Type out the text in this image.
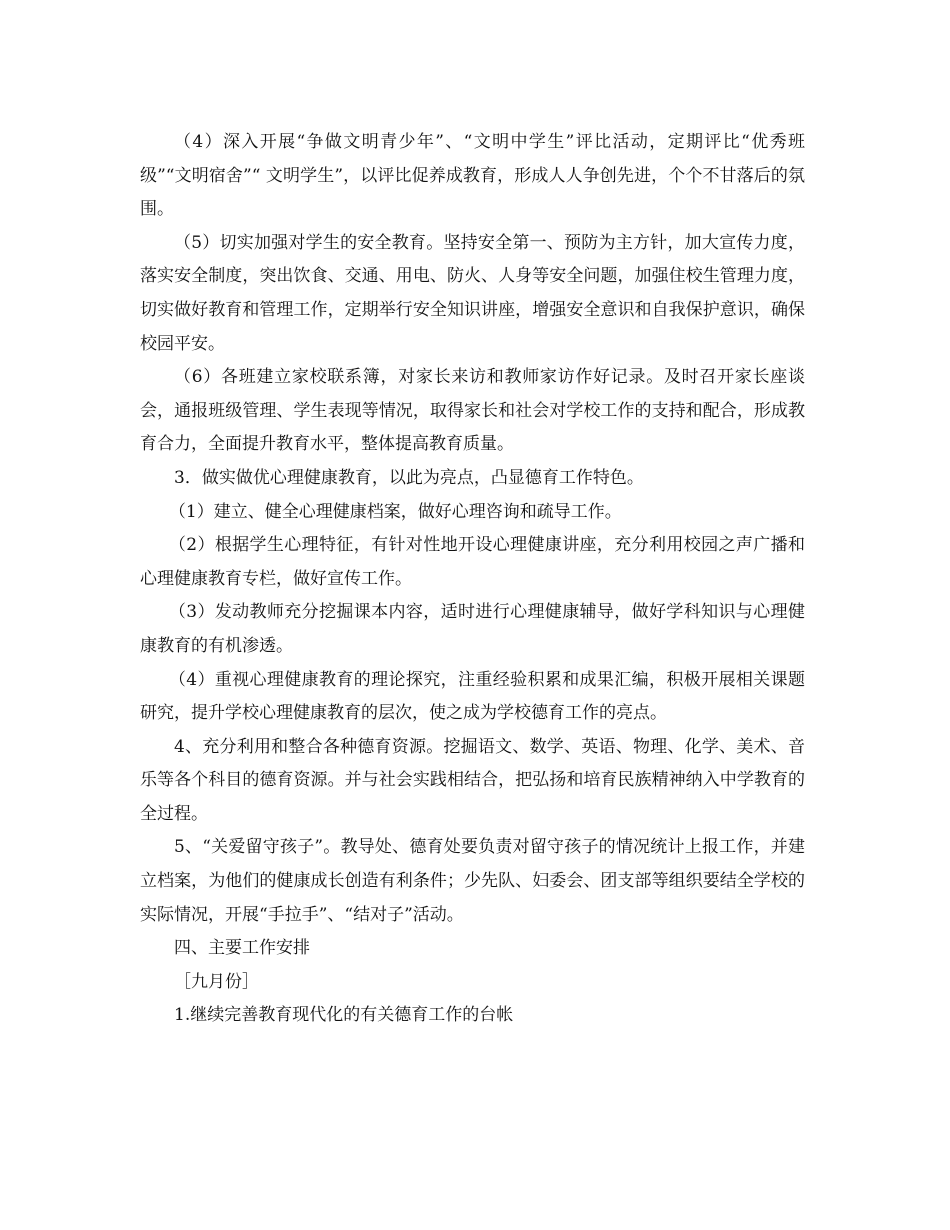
（4）深入开展“争做文明青少年”、“文明中学生”评比活动，定期评比“优秀班级”“文明宿舍”“ 文明学生”，以评比促养成教育，形成人人争创先进，个个不甘落后的氛围。

（5）切实加强对学生的安全教育。坚持安全第一、预防为主方针，加大宣传力度，落实安全制度，突出饮食、交通、用电、防火、人身等安全问题，加强住校生管理力度，切实做好教育和管理工作，定期举行安全知识讲座，增强安全意识和自我保护意识，确保校园平安。

（6）各班建立家校联系簿，对家长来访和教师家访作好记录。及时召开家长座谈会，通报班级管理、学生表现等情况，取得家长和社会对学校工作的支持和配合，形成教育合力，全面提升教育水平，整体提高教育质量。

3．做实做优心理健康教育，以此为亮点，凸显德育工作特色。

（1）建立、健全心理健康档案，做好心理咨询和疏导工作。

（2）根据学生心理特征，有针对性地开设心理健康讲座，充分利用校园之声广播和心理健康教育专栏，做好宣传工作。

（3）发动教师充分挖掘课本内容，适时进行心理健康辅导，做好学科知识与心理健康教育的有机渗透。

（4）重视心理健康教育的理论探究，注重经验积累和成果汇编，积极开展相关课题研究，提升学校心理健康教育的层次，使之成为学校德育工作的亮点。

4、充分利用和整合各种德育资源。挖掘语文、数学、英语、物理、化学、美术、音乐等各个科目的德育资源。并与社会实践相结合，把弘扬和培育民族精神纳入中学教育的全过程。

5、“关爱留守孩子”。教导处、德育处要负责对留守孩子的情况统计上报工作，并建立档案，为他们的健康成长创造有利条件；少先队、妇委会、团支部等组织要结全学校的实际情况，开展“手拉手”、“结对子”活动。

四、主要工作安排

［九月份］

1.继续完善教育现代化的有关德育工作的台帐
